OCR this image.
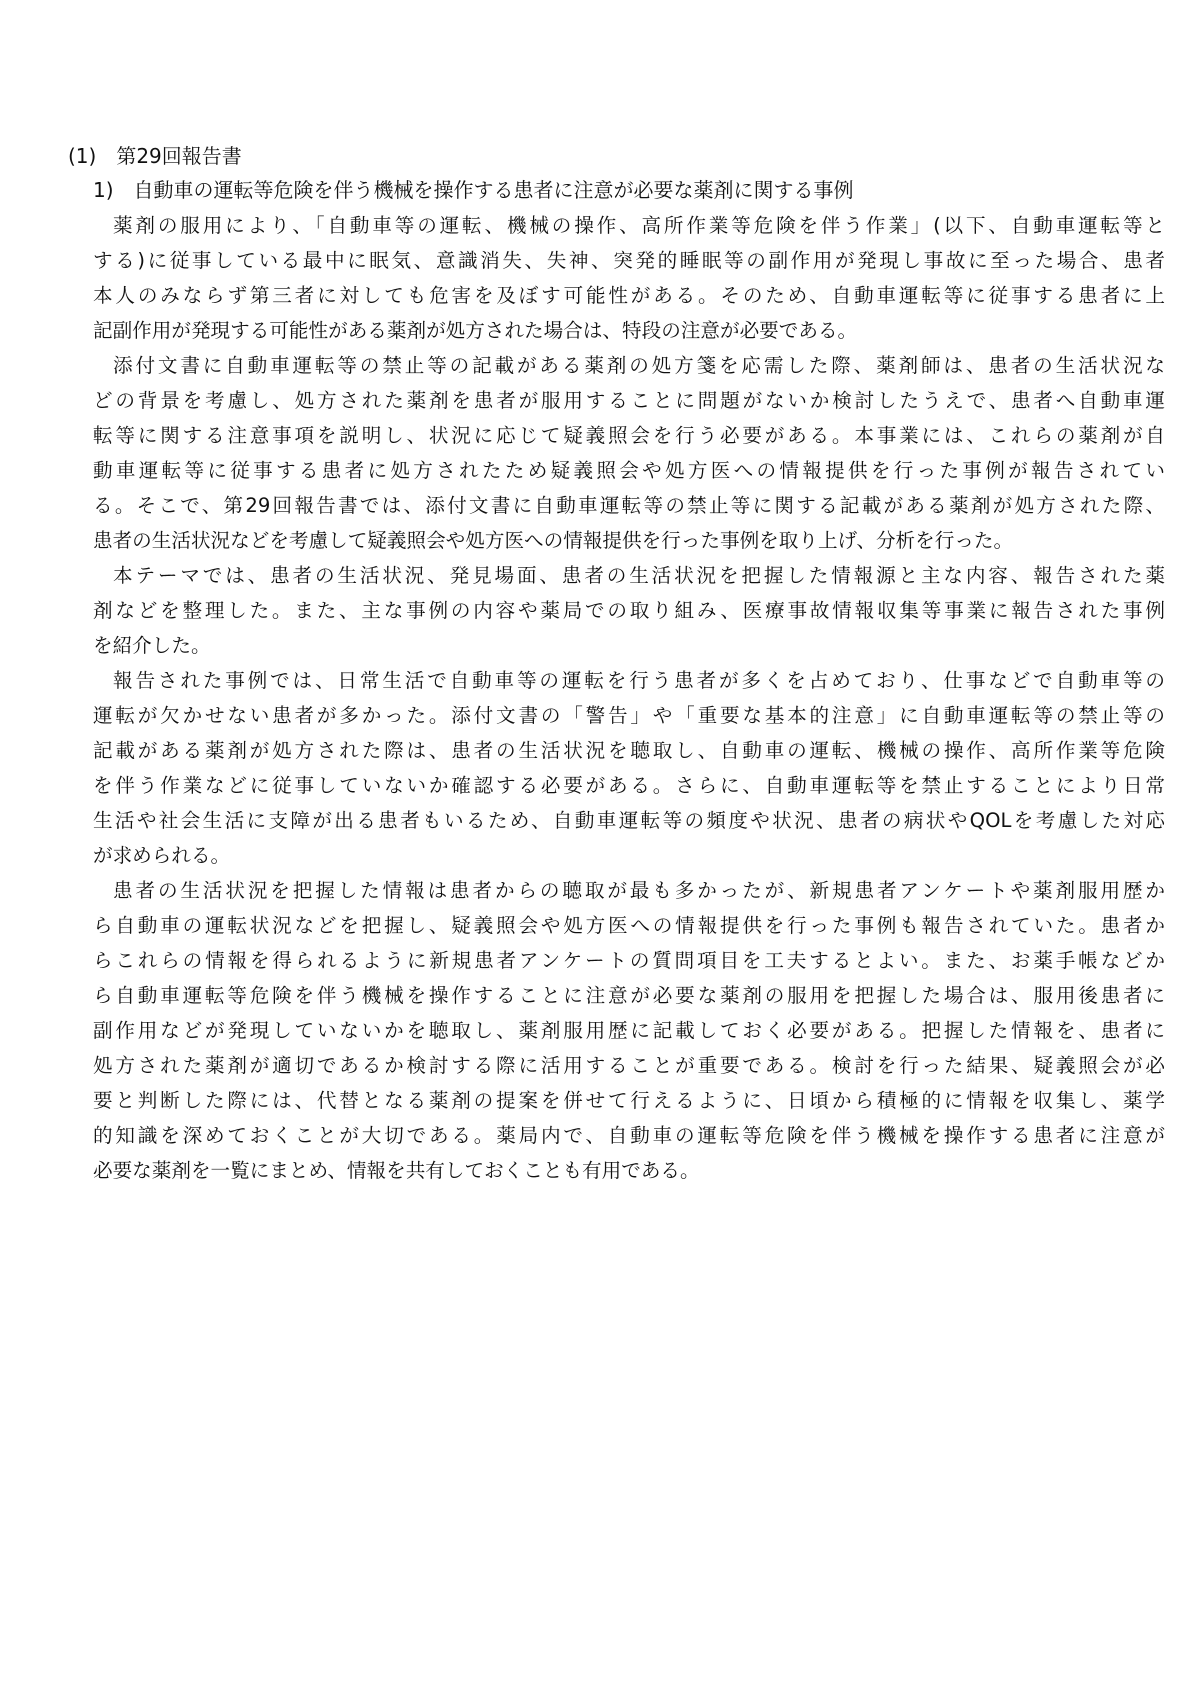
(1)　第29回報告書
1)　自動車の運転等危険を伴う機械を操作する患者に注意が必要な薬剤に関する事例
薬剤の服用により、「自動車等の運転、機械の操作、高所作業等危険を伴う作業」(以下、自動車運転等と
する)に従事している最中に眠気、意識消失、失神、突発的睡眠等の副作用が発現し事故に至った場合、患者
本人のみならず第三者に対しても危害を及ぼす可能性がある。そのため、自動車運転等に従事する患者に上
記副作用が発現する可能性がある薬剤が処方された場合は、特段の注意が必要である。
添付文書に自動車運転等の禁止等の記載がある薬剤の処方箋を応需した際、薬剤師は、患者の生活状況な
どの背景を考慮し、処方された薬剤を患者が服用することに問題がないか検討したうえで、患者へ自動車運
転等に関する注意事項を説明し、状況に応じて疑義照会を行う必要がある。本事業には、これらの薬剤が自
動車運転等に従事する患者に処方されたため疑義照会や処方医への情報提供を行った事例が報告されてい
る。そこで、第29回報告書では、添付文書に自動車運転等の禁止等に関する記載がある薬剤が処方された際、
患者の生活状況などを考慮して疑義照会や処方医への情報提供を行った事例を取り上げ、分析を行った。
本テーマでは、患者の生活状況、発見場面、患者の生活状況を把握した情報源と主な内容、報告された薬
剤などを整理した。また、主な事例の内容や薬局での取り組み、医療事故情報収集等事業に報告された事例
を紹介した。
報告された事例では、日常生活で自動車等の運転を行う患者が多くを占めており、仕事などで自動車等の
運転が欠かせない患者が多かった。添付文書の「警告」や「重要な基本的注意」に自動車運転等の禁止等の
記載がある薬剤が処方された際は、患者の生活状況を聴取し、自動車の運転、機械の操作、高所作業等危険
を伴う作業などに従事していないか確認する必要がある。さらに、自動車運転等を禁止することにより日常
生活や社会生活に支障が出る患者もいるため、自動車運転等の頻度や状況、患者の病状やQOLを考慮した対応
が求められる。
患者の生活状況を把握した情報は患者からの聴取が最も多かったが、新規患者アンケートや薬剤服用歴か
ら自動車の運転状況などを把握し、疑義照会や処方医への情報提供を行った事例も報告されていた。患者か
らこれらの情報を得られるように新規患者アンケートの質問項目を工夫するとよい。また、お薬手帳などか
ら自動車運転等危険を伴う機械を操作することに注意が必要な薬剤の服用を把握した場合は、服用後患者に
副作用などが発現していないかを聴取し、薬剤服用歴に記載しておく必要がある。把握した情報を、患者に
処方された薬剤が適切であるか検討する際に活用することが重要である。検討を行った結果、疑義照会が必
要と判断した際には、代替となる薬剤の提案を併せて行えるように、日頃から積極的に情報を収集し、薬学
的知識を深めておくことが大切である。薬局内で、自動車の運転等危険を伴う機械を操作する患者に注意が
必要な薬剤を一覧にまとめ、情報を共有しておくことも有用である。
